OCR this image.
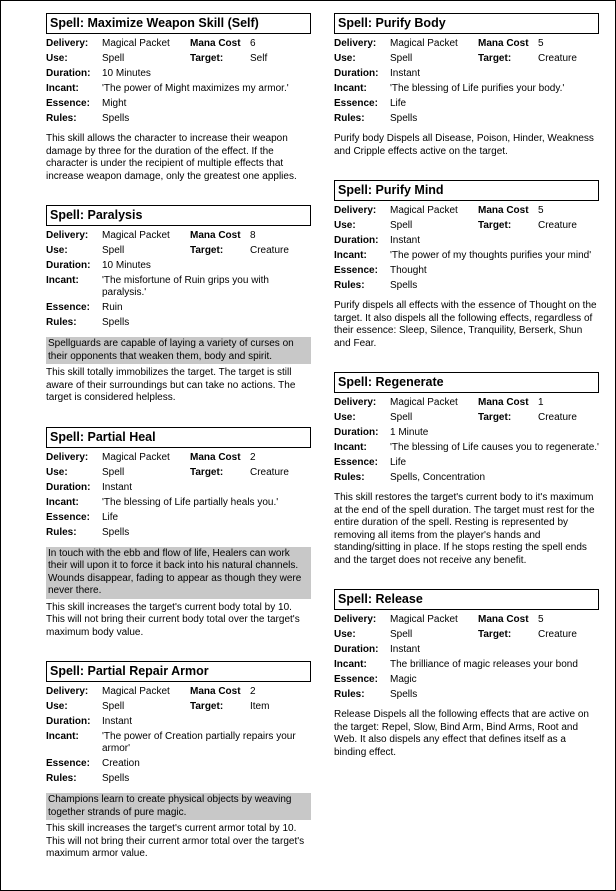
Spell: Maximize Weapon Skill (Self)
Delivery:	Magical Packet	Mana Cost	6
Use:	Spell	Target:	Self
Duration:	10 Minutes		
Incant:	'The power of Might maximizes my armor.'		
Essence:	Might		
Rules:	Spells		
This skill allows the character to increase their weapon damage by three for the duration of the effect. If the character is under the recipient of multiple effects that increase weapon damage, only the greatest one applies.
Spell: Paralysis
Delivery:	Magical Packet	Mana Cost	8
Use:	Spell	Target:	Creature
Duration:	10 Minutes		
Incant:	'The misfortune of Ruin grips you with paralysis.'		
Essence:	Ruin		
Rules:	Spells		
Spellguards are capable of laying a variety of curses on their opponents that weaken them, body and spirit.
This skill totally immobilizes the target. The target is still aware of their surroundings but can take no actions. The target is considered helpless.
Spell: Partial Heal
Delivery:	Magical Packet	Mana Cost	2
Use:	Spell	Target:	Creature
Duration:	Instant		
Incant:	'The blessing of Life partially heals you.'		
Essence:	Life		
Rules:	Spells		
In touch with the ebb and flow of life, Healers can work their will upon it to force it back into his natural channels. Wounds disappear, fading to appear as though they were never there.
This skill increases the target's current body total by 10. This will not bring their current body total over the target's maximum body value.
Spell: Partial Repair Armor
Delivery:	Magical Packet	Mana Cost	2
Use:	Spell	Target:	Item
Duration:	Instant		
Incant:	'The power of Creation partially repairs your armor'		
Essence:	Creation		
Rules:	Spells		
Champions learn to create physical objects by weaving together strands of pure magic.
This skill increases the target's current armor total by 10. This will not bring their current armor total over the target's maximum armor value.
Spell: Purify Body
Delivery:	Magical Packet	Mana Cost	5
Use:	Spell	Target:	Creature
Duration:	Instant		
Incant:	'The blessing of Life purifies your body.'		
Essence:	Life		
Rules:	Spells		
Purify body Dispels all Disease, Poison, Hinder, Weakness and Cripple effects active on the target.
Spell: Purify Mind
Delivery:	Magical Packet	Mana Cost	5
Use:	Spell	Target:	Creature
Duration:	Instant		
Incant:	'The power of my thoughts purifies your mind'		
Essence:	Thought		
Rules:	Spells		
Purify dispels all effects with the essence of Thought on the target. It also dispels all the following effects, regardless of their essence: Sleep, Silence, Tranquility, Berserk, Shun and Fear.
Spell: Regenerate
Delivery:	Magical Packet	Mana Cost	1
Use:	Spell	Target:	Creature
Duration:	1 Minute		
Incant:	'The blessing of Life causes you to regenerate.'		
Essence:	Life		
Rules:	Spells, Concentration		
This skill restores the target's current body to it's maximum at the end of the spell duration. The target must rest for the entire duration of the spell. Resting is represented by removing all items from the player's hands and standing/sitting in place. If he stops resting the spell ends and the target does not receive any benefit.
Spell: Release
Delivery:	Magical Packet	Mana Cost	5
Use:	Spell	Target:	Creature
Duration:	Instant		
Incant:	The brilliance of magic releases your bond		
Essence:	Magic		
Rules:	Spells		
Release Dispels all the following effects that are active on the target: Repel, Slow, Bind Arm, Bind Arms, Root and Web. It also dispels any effect that defines itself as a binding effect.
